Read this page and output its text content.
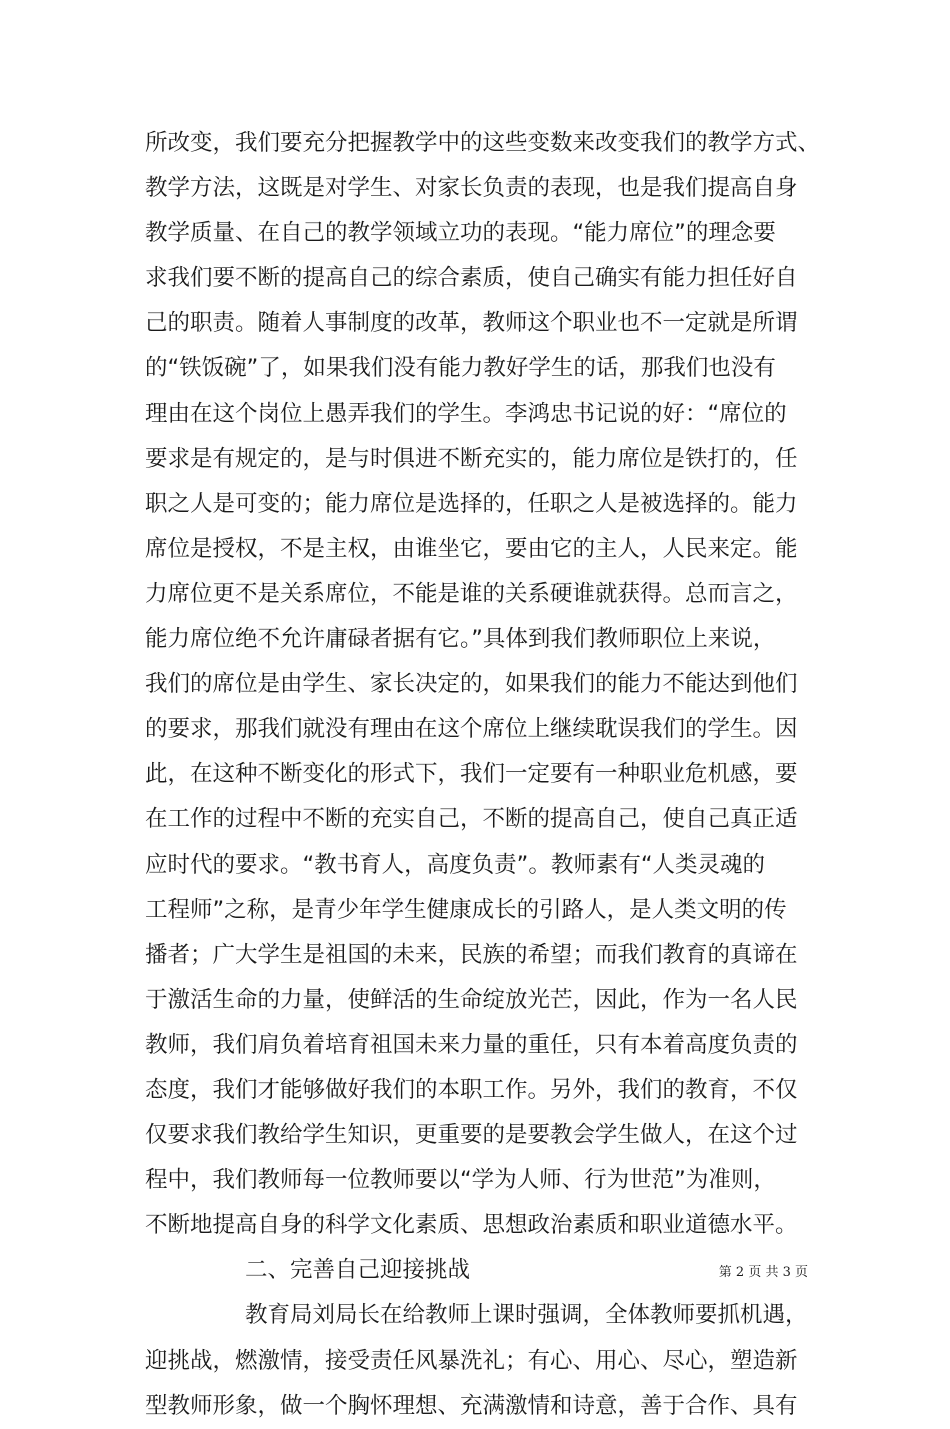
所改变，我们要充分把握教学中的这些变数来改变我们的教学方式、
教学方法，这既是对学生、对家长负责的表现，也是我们提高自身
教学质量、在自己的教学领域立功的表现。“能力席位”的理念要
求我们要不断的提高自己的综合素质，使自己确实有能力担任好自
己的职责。随着人事制度的改革，教师这个职业也不一定就是所谓
的“铁饭碗”了，如果我们没有能力教好学生的话，那我们也没有
理由在这个岗位上愚弄我们的学生。李鸿忠书记说的好：“席位的
要求是有规定的，是与时俱进不断充实的，能力席位是铁打的，任
职之人是可变的；能力席位是选择的，任职之人是被选择的。能力
席位是授权，不是主权，由谁坐它，要由它的主人，人民来定。能
力席位更不是关系席位，不能是谁的关系硬谁就获得。总而言之，
能力席位绝不允许庸碌者据有它。”具体到我们教师职位上来说，
我们的席位是由学生、家长决定的，如果我们的能力不能达到他们
的要求，那我们就没有理由在这个席位上继续耽误我们的学生。因
此，在这种不断变化的形式下，我们一定要有一种职业危机感，要
在工作的过程中不断的充实自己，不断的提高自己，使自己真正适
应时代的要求。“教书育人，高度负责”。教师素有“人类灵魂的
工程师”之称，是青少年学生健康成长的引路人，是人类文明的传
播者；广大学生是祖国的未来，民族的希望；而我们教育的真谛在
于激活生命的力量，使鲜活的生命绽放光芒，因此，作为一名人民
教师，我们肩负着培育祖国未来力量的重任，只有本着高度负责的
态度，我们才能够做好我们的本职工作。另外，我们的教育，不仅
仅要求我们教给学生知识，更重要的是要教会学生做人，在这个过
程中，我们教师每一位教师要以“学为人师、行为世范”为准则，
不断地提高自身的科学文化素质、思想政治素质和职业道德水平。
二、完善自己迎接挑战
教育局刘局长在给教师上课时强调，全体教师要抓机遇，
迎挑战，燃激情，接受责任风暴洗礼；有心、用心、尽心，塑造新
型教师形象，做一个胸怀理想、充满激情和诗意，善于合作、具有
第 2 页 共 3 页
